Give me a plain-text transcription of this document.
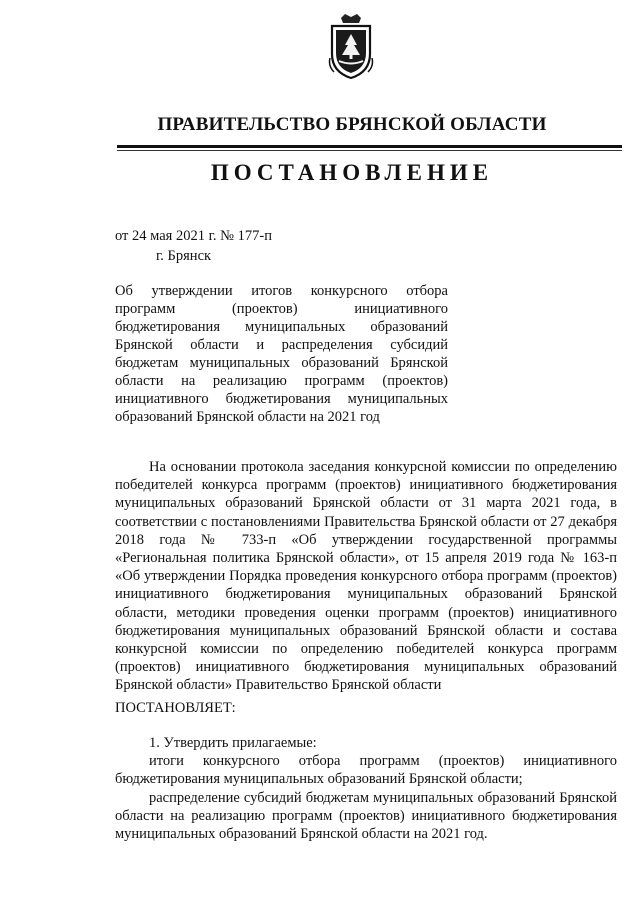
ПРАВИТЕЛЬСТВО БРЯНСКОЙ ОБЛАСТИ
ПОСТАНОВЛЕНИЕ
от 24 мая 2021 г. № 177-п
г. Брянск
Об утверждении итогов конкурсного отбора программ (проектов) инициативного бюджетирования муниципальных образований Брянской области и распределения субсидий бюджетам муниципальных образований Брянской области на реализацию программ (проектов) инициативного бюджетирования муниципальных образований Брянской области на 2021 год

На основании протокола заседания конкурсной комиссии по определению победителей конкурса программ (проектов) инициативного бюджетирования муниципальных образований Брянской области от 31 марта 2021 года, в соответствии с постановлениями Правительства Брянской области от 27 декабря 2018 года № 733-п «Об утверждении государственной программы «Региональная политика Брянской области», от 15 апреля 2019 года № 163-п «Об утверждении Порядка проведения конкурсного отбора программ (проектов) инициативного бюджетирования муниципальных образований Брянской области, методики проведения оценки программ (проектов) инициативного бюджетирования муниципальных образований Брянской области и состава конкурсной комиссии по определению победителей конкурса программ (проектов) инициативного бюджетирования муниципальных образований Брянской области» Правительство Брянской области

ПОСТАНОВЛЯЕТ:

1. Утвердить прилагаемые:

итоги конкурсного отбора программ (проектов) инициативного бюджетирования муниципальных образований Брянской области;

распределение субсидий бюджетам муниципальных образований Брянской области на реализацию программ (проектов) инициативного бюджетирования муниципальных образований Брянской области на 2021 год.
